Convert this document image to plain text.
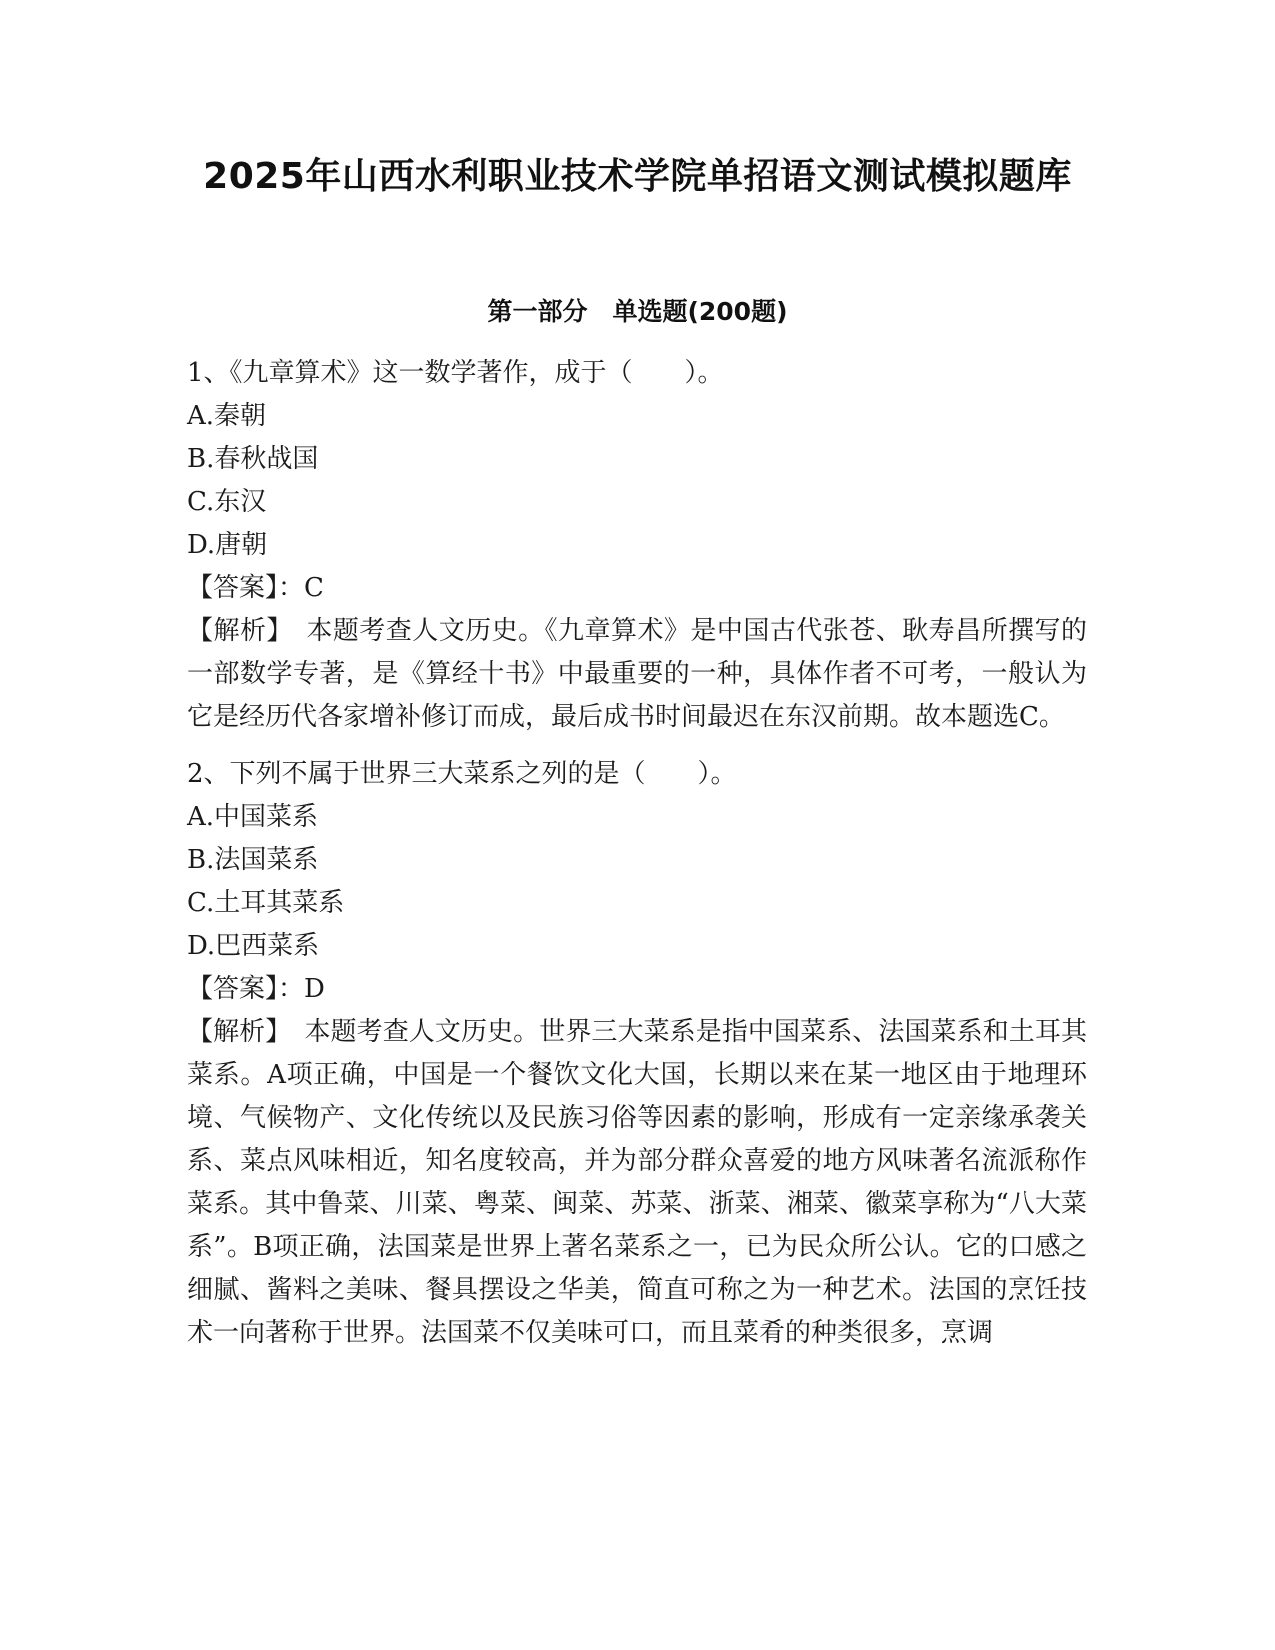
2025年山西水利职业技术学院单招语文测试模拟题库
第一部分　单选题(200题)
1、《九章算术》这一数学著作，成于（　　）。
A.秦朝
B.春秋战国
C.东汉
D.唐朝
【答案】：C
【解析】　本题考查人文历史。《九章算术》是中国古代张苍、耿寿昌所撰写的一部数学专著，是《算经十书》中最重要的一种，具体作者不可考，一般认为它是经历代各家增补修订而成，最后成书时间最迟在东汉前期。故本题选C。
2、下列不属于世界三大菜系之列的是（　　）。
A.中国菜系
B.法国菜系
C.土耳其菜系
D.巴西菜系
【答案】：D
【解析】　本题考查人文历史。世界三大菜系是指中国菜系、法国菜系和土耳其菜系。A项正确，中国是一个餐饮文化大国，长期以来在某一地区由于地理环境、气候物产、文化传统以及民族习俗等因素的影响，形成有一定亲缘承袭关系、菜点风味相近，知名度较高，并为部分群众喜爱的地方风味著名流派称作菜系。其中鲁菜、川菜、粤菜、闽菜、苏菜、浙菜、湘菜、徽菜享称为“八大菜系”。B项正确，法国菜是世界上著名菜系之一，已为民众所公认。它的口感之细腻、酱料之美味、餐具摆设之华美，简直可称之为一种艺术。法国的烹饪技术一向著称于世界。法国菜不仅美味可口，而且菜肴的种类很多，烹调
